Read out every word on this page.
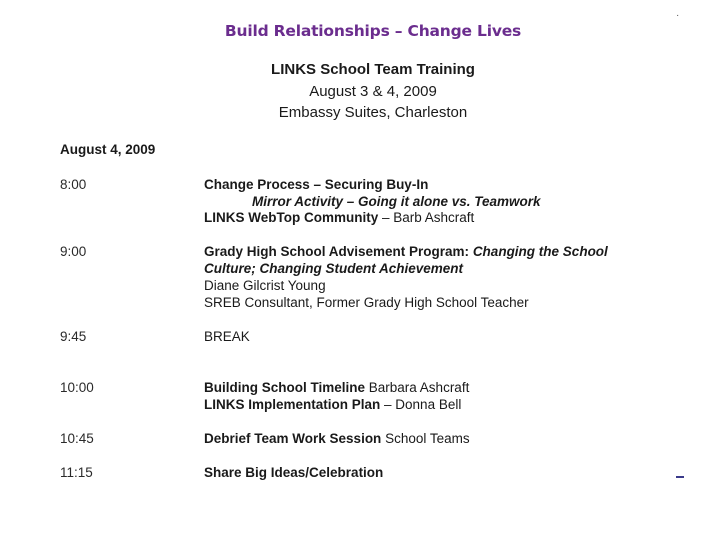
Build Relationships – Change Lives
LINKS School Team Training
August 3 & 4, 2009
Embassy Suites, Charleston
·
August 4, 2009
8:00	Change Process – Securing Buy-In
Mirror Activity – Going it alone vs. Teamwork
LINKS WebTop Community – Barb Ashcraft
9:00	Grady High School Advisement Program: Changing the School
Culture; Changing Student Achievement
Diane Gilcrist Young
SREB Consultant, Former Grady High School Teacher
9:45	BREAK
10:00	Building School Timeline Barbara Ashcraft
LINKS Implementation Plan – Donna Bell
10:45	Debrief Team Work Session School Teams
11:15	Share Big Ideas/Celebration
